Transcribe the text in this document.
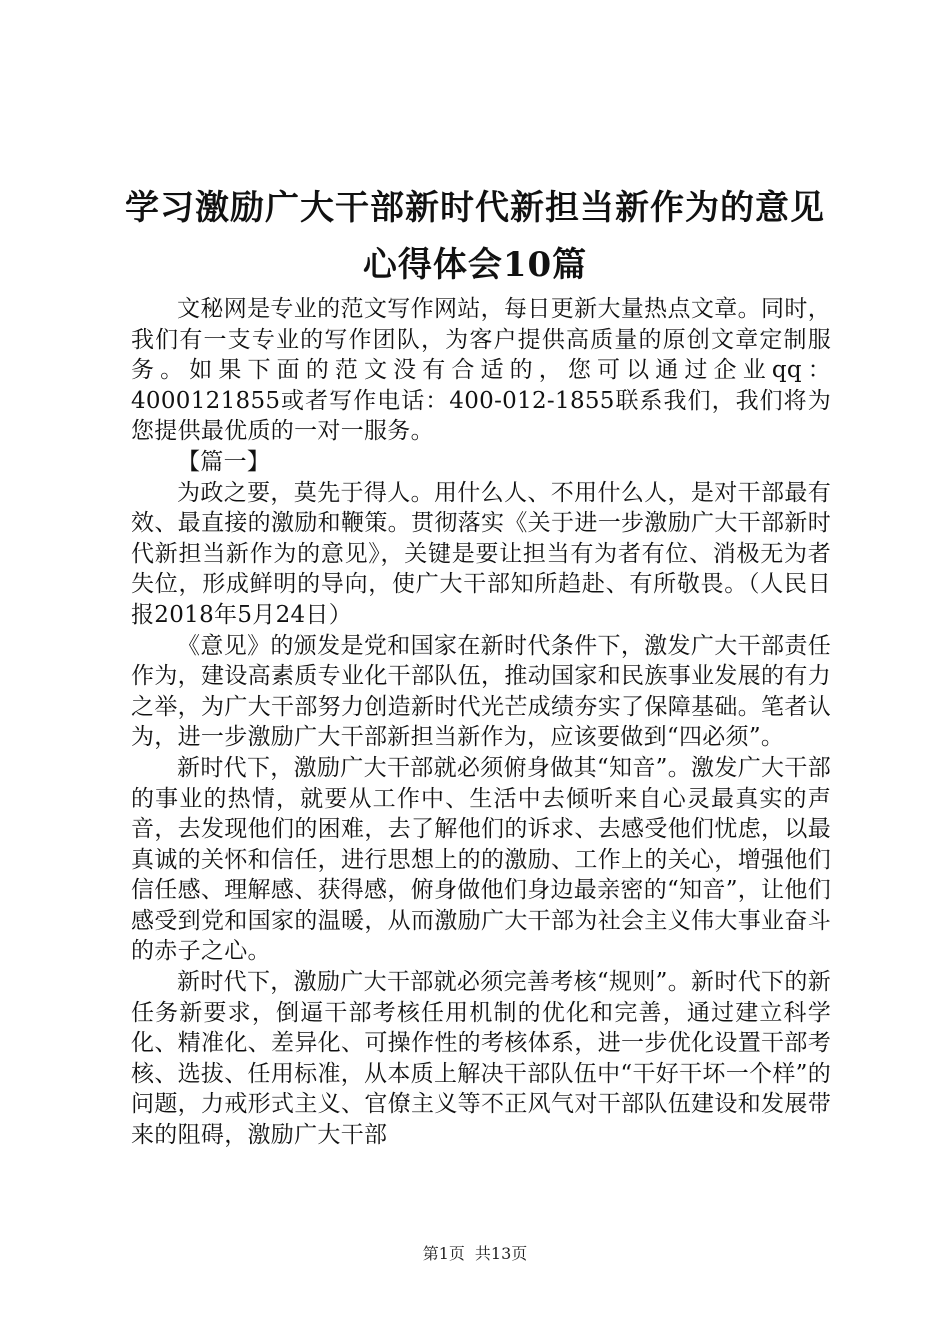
学习激励广大干部新时代新担当新作为的意见
心得体会10篇

文秘网是专业的范文写作网站，每日更新大量热点文章。同时，我们有一支专业的写作团队，为客户提供高质量的原创文章定制服务。如果下面的范文没有合适的，您可以通过企业qq：4000121855或者写作电话：400-012-1855联系我们，我们将为您提供最优质的一对一服务。

【篇一】

为政之要，莫先于得人。用什么人、不用什么人，是对干部最有效、最直接的激励和鞭策。贯彻落实《关于进一步激励广大干部新时代新担当新作为的意见》，关键是要让担当有为者有位、消极无为者失位，形成鲜明的导向，使广大干部知所趋赴、有所敬畏。（人民日报2018年5月24日）

《意见》的颁发是党和国家在新时代条件下，激发广大干部责任作为，建设高素质专业化干部队伍，推动国家和民族事业发展的有力之举，为广大干部努力创造新时代光芒成绩夯实了保障基础。笔者认为，进一步激励广大干部新担当新作为，应该要做到“四必须”。

新时代下，激励广大干部就必须俯身做其“知音”。激发广大干部的事业的热情，就要从工作中、生活中去倾听来自心灵最真实的声音，去发现他们的困难，去了解他们的诉求、去感受他们忧虑，以最真诚的关怀和信任，进行思想上的的激励、工作上的关心，增强他们信任感、理解感、获得感，俯身做他们身边最亲密的“知音”，让他们感受到党和国家的温暖，从而激励广大干部为社会主义伟大事业奋斗的赤子之心。

新时代下，激励广大干部就必须完善考核“规则”。新时代下的新任务新要求，倒逼干部考核任用机制的优化和完善，通过建立科学化、精准化、差异化、可操作性的考核体系，进一步优化设置干部考核、选拔、任用标准，从本质上解决干部队伍中“干好干坏一个样”的问题，力戒形式主义、官僚主义等不正风气对干部队伍建设和发展带来的阻碍，激励广大干部

第1页 共13页
